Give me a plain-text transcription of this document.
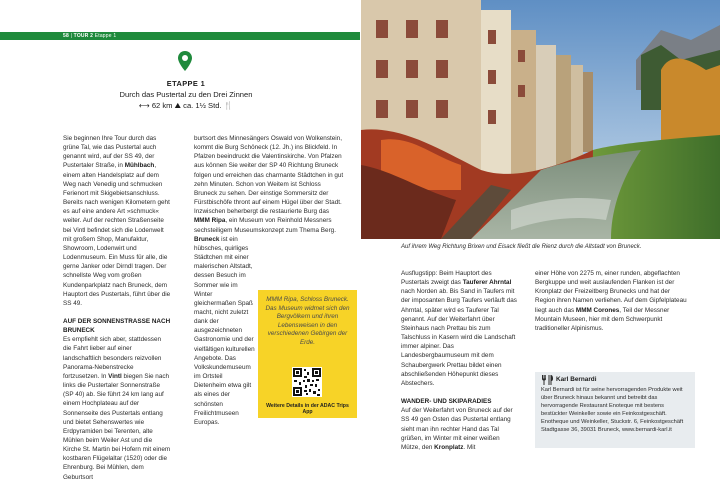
58 | TOUR 2 Etappe 1
ETAPPE 1
Durch das Pustertal zu den Drei Zinnen
⟷ 62 km ⛰ ca. 1½ Std. 🍴

Sie beginnen Ihre Tour durch das grüne Tal, wie das Pustertal auch genannt wird, auf der SS 49, der Pustertaler Straße, in Mühlbach, einem alten Handelsplatz auf dem Weg nach Venedig und schmucken Ferienort mit Skigebietsanschluss. Bereits nach wenigen Kilometern geht es auf eine andere Art »schmuck« weiter. Auf der rechten Straßenseite bei Vintl befindet sich die Lodenwelt mit großem Shop, Manufaktur, Showroom, Lodenwirt und Lodenmuseum. Ein Muss für alle, die gerne Janker oder Dirndl tragen. Der schnellste Weg vom großen Kundenparkplatz nach Bruneck, dem Hauptort des Pustertals, führt über die SS 49.

AUF DER SONNENSTRASSE NACH BRUNECK

Es empfiehlt sich aber, stattdessen die Fahrt lieber auf einer landschaftlich besonders reizvollen Panorama-Nebenstrecke fortzusetzen. In Vintl biegen Sie nach links die Pustertaler Sonnenstraße (SP 40) ab. Sie führt 24 km lang auf einem Hochplateau auf der Sonnenseite des Pustertals entlang und bietet Sehenswertes wie Erdpyramiden bei Terenten, alte Mühlen beim Weiler Ast und die Kirche St. Martin bei Hofern mit einem kostbaren Flügelaltar (1520) oder die Ehrenburg. Bei Mühlen, dem Geburtsort

burtsort des Minnesängers Oswald von Wolkenstein, kommt die Burg Schöneck (12. Jh.) ins Blickfeld. In Pfalzen beeindruckt die Valentinskirche. Von Pfalzen aus können Sie weiter der SP 40 Richtung Bruneck folgen und erreichen das charmante Städtchen in gut zehn Minuten. Schon von Weitem ist Schloss Bruneck zu sehen. Der einstige Sommersitz der Fürstbischöfe thront auf einem Hügel über der Stadt. Inzwischen beherbergt die restaurierte Burg das MMM Ripa, ein Museum von Reinhold Messners sechsteiligem Museumskonzept zum Thema Berg.

Bruneck ist ein hübsches, quirliges Städtchen mit einer malerischen Altstadt, dessen Besuch im Sommer wie im Winter gleichermaßen Spaß macht, nicht zuletzt dank der ausgezeichneten Gastronomie und der vielfältigen kulturellen Angebote. Das Volkskundemuseum im Ortsteil Dietenheim etwa gilt als eines der schönsten Freilichtmuseen Europas.

MMM Ripa, Schloss Bruneck. Das Museum widmet sich den Bergvölkern und ihren Lebensweisen in den verschiedenen Gebirgen der Erde.
Weitere Details in der ADAC Trips App
Auf ihrem Weg Richtung Brixen und Eisack fließt die Rienz durch die Altstadt von Bruneck.

Ausflugstipp: Beim Hauptort des Pustertals zweigt das Tauferer Ahrntal nach Norden ab. Bis Sand in Taufers mit der imposanten Burg Taufers verläuft das Ahrntal, später wird es Tauferer Tal genannt. Auf der Weiterfahrt über Steinhaus nach Prettau bis zum Talschluss in Kasern wird die Landschaft immer alpiner. Das Landesbergbaumuseum mit dem Schaubergwerk Prettau bildet einen abschließenden Höhepunkt dieses Abstechers.

WANDER- UND SKIPARADIES

Auf der Weiterfahrt von Bruneck auf der SS 49 gen Osten das Pustertal entlang sieht man ihn rechter Hand das Tal grüßen, im Winter mit einer weißen Mütze, den Kronplatz. Mit

einer Höhe von 2275 m, einer runden, abgeflachten Bergkuppe und weit auslaufenden Flanken ist der Kronplatz der Freizeitberg Brunecks und hat der Region ihren Namen verliehen. Auf dem Gipfelplateau liegt auch das MMM Corones, Teil der Messner Mountain Museen, hier mit dem Schwerpunkt traditioneller Alpinismus.

Karl Bernardi
Karl Bernardi ist für seine hervorragenden Produkte weit über Bruneck hinaus bekannt und betreibt das hervorragende Restaurant Enoteque mit bestens bestückter Weinkeller sowie ein Feinkostgeschäft. Enotheque und Weinkeller, Stuckstr. 6, Feinkostgeschäft Stadtgasse 36, 39031 Bruneck, www.bernardi-karl.it
